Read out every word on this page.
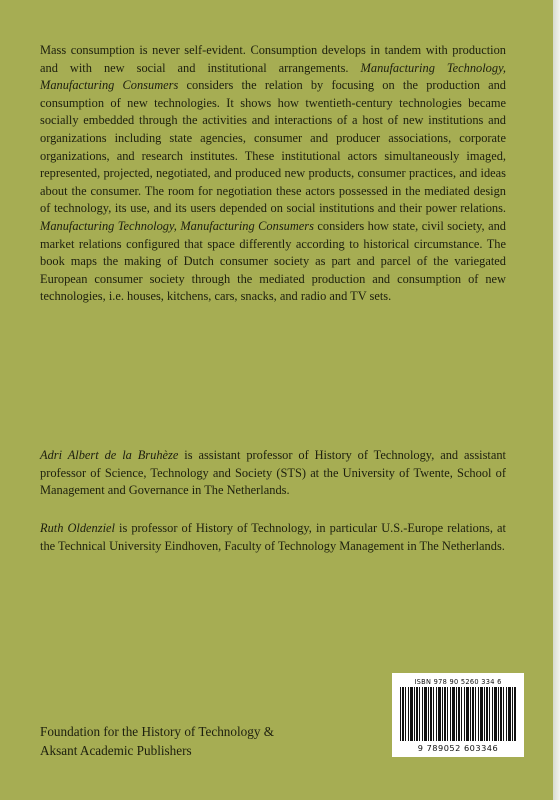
Mass consumption is never self-evident. Consumption develops in tandem with production and with new social and institutional arrangements. Manufacturing Technology, Manufacturing Consumers considers the relation by focusing on the production and consumption of new technologies. It shows how twentieth-century technologies became socially embedded through the activities and interactions of a host of new institutions and organizations including state agencies, consumer and producer associations, corporate organizations, and research institutes. These institutional actors simultaneously imaged, represented, projected, negotiated, and produced new products, consumer practices, and ideas about the consumer. The room for negotiation these actors possessed in the mediated design of technology, its use, and its users depended on social institutions and their power relations. Manufacturing Technology, Manufacturing Consumers considers how state, civil society, and market relations configured that space differently according to historical circumstance. The book maps the making of Dutch consumer society as part and parcel of the variegated European consumer society through the mediated production and consumption of new technologies, i.e. houses, kitchens, cars, snacks, and radio and TV sets.

Adri Albert de la Bruhèze is assistant professor of History of Technology, and assistant professor of Science, Technology and Society (STS) at the University of Twente, School of Management and Governance in The Netherlands.

Ruth Oldenziel is professor of History of Technology, in particular U.S.-Europe relations, at the Technical University Eindhoven, Faculty of Technology Management in The Netherlands.

Foundation for the History of Technology &
Aksant Academic Publishers
ISBN 978 90 5260 334 6
9 789052 603346
